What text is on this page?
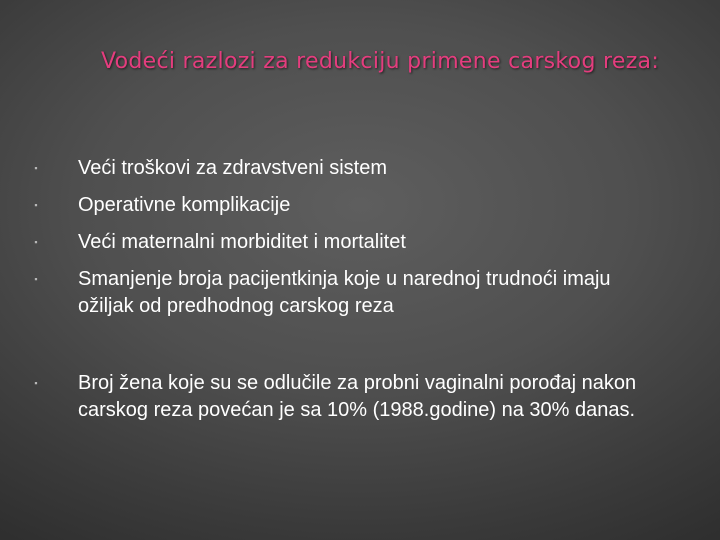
Vodeći razlozi za redukciju primene carskog reza:
▪ Veći troškovi za zdravstveni sistem
▪ Operativne komplikacije
▪ Veći maternalni morbiditet i mortalitet
▪ Smanjenje broja pacijentkinja koje u narednoj trudnoći imaju ožiljak od predhodnog carskog reza
▪ Broj žena koje su se odlučile za probni vaginalni porođaj nakon carskog reza povećan je sa 10% (1988.godine) na 30% danas.
